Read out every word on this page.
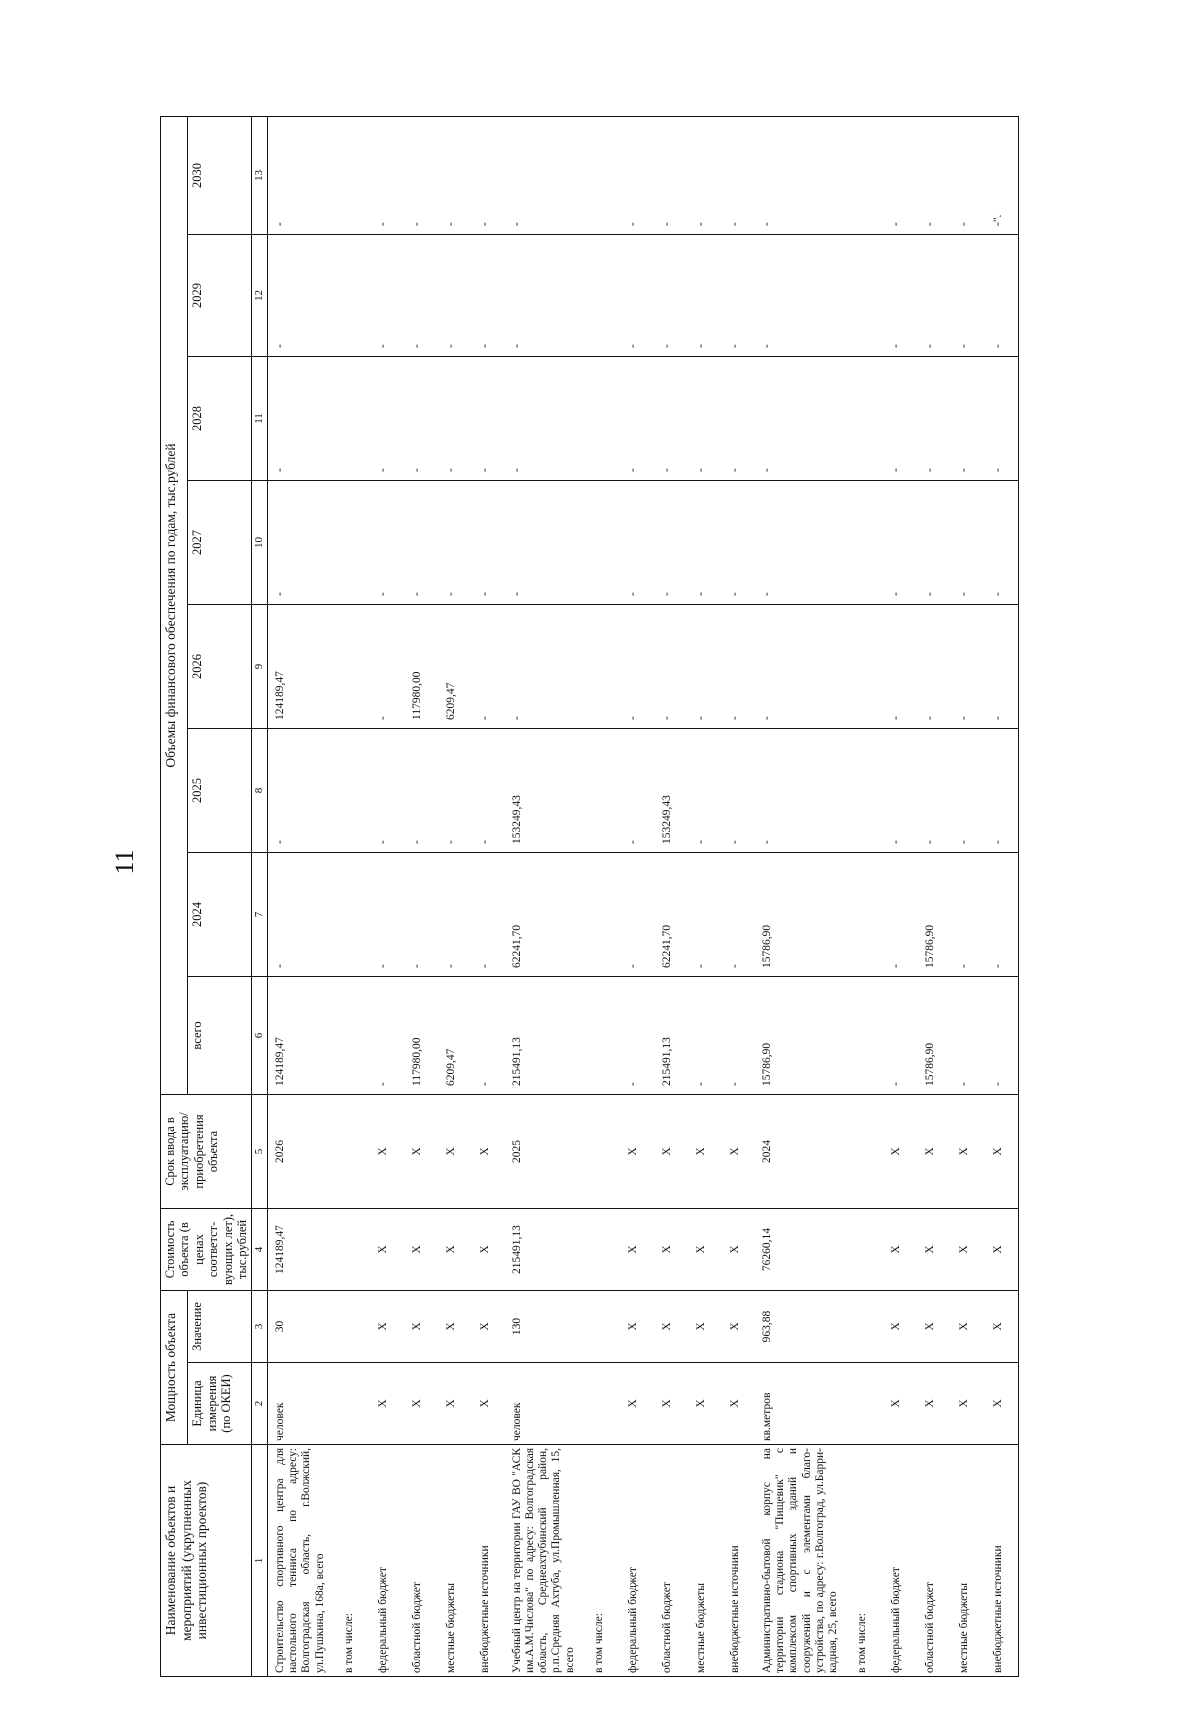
11
Наименование объектов и мероприятий (укрупненных инвестиционных проектов)	Мощность объекта		Стоимость объекта (в ценах соответст-вующих лет), тыс.рублей	Срок ввода в эксплуатацию/ приобретения объекта	Объемы финансового обеспечения по годам, тыс.рублей							
	Единица измерения (по ОКЕИ)	Значение			всего	2024	2025	2026	2027	2028	2029	2030
1	2	3	4	5	6	7	8	9	10	11	12	13
Строительство спортивного центра для настольного тенниса по адресу: Волгоградская область, г.Волжский, ул.Пушкина, 168а, всего	человек	30	124189,47	2026	124189,47	-	-	124189,47	-	-	-	-
в том числе:												
федеральный бюджет	X	X	X	X	-	-	-	-	-	-	-	-
областной бюджет	X	X	X	X	117980,00	-	-	117980,00	-	-	-	-
местные бюджеты	X	X	X	X	6209,47	-	-	6209,47	-	-	-	-
внебюджетные источники	X	X	X	X	-	-	-	-	-	-	-	-
Учебный центр на территории ГАУ ВО "АСК им.А.М.Числова" по адресу: Волгоградская область, Среднеахтубинский район, р.п.Средняя Ахтуба, ул.Промышленная, 15, всего	человек	130	215491,13	2025	215491,13	62241,70	153249,43	-	-	-	-	-
в том числе:												
федеральный бюджет	X	X	X	X	-	-	-	-	-	-	-	-
областной бюджет	X	X	X	X	215491,13	62241,70	153249,43	-	-	-	-	-
местные бюджеты	X	X	X	X	-	-	-	-	-	-	-	-
внебюджетные источники	X	X	X	X	-	-	-	-	-	-	-	-
Административно-бытовой корпус на территории стадиона "Пищевик" с комплексом спортивных зданий и сооружений и с элементами благо-устройства, по адресу: г.Волгоград, ул.Барри-кадная, 25, всего	кв.метров	963,88	76260,14	2024	15786,90	15786,90	-	-	-	-	-	-
в том числе:												
федеральный бюджет	X	X	X	X	-	-	-	-	-	-	-	-
областной бюджет	X	X	X	X	15786,90	15786,90	-	-	-	-	-	-
местные бюджеты	X	X	X	X	-	-	-	-	-	-	-	-
внебюджетные источники	X	X	X	X	-	-	-	-	-	-	-	-".
